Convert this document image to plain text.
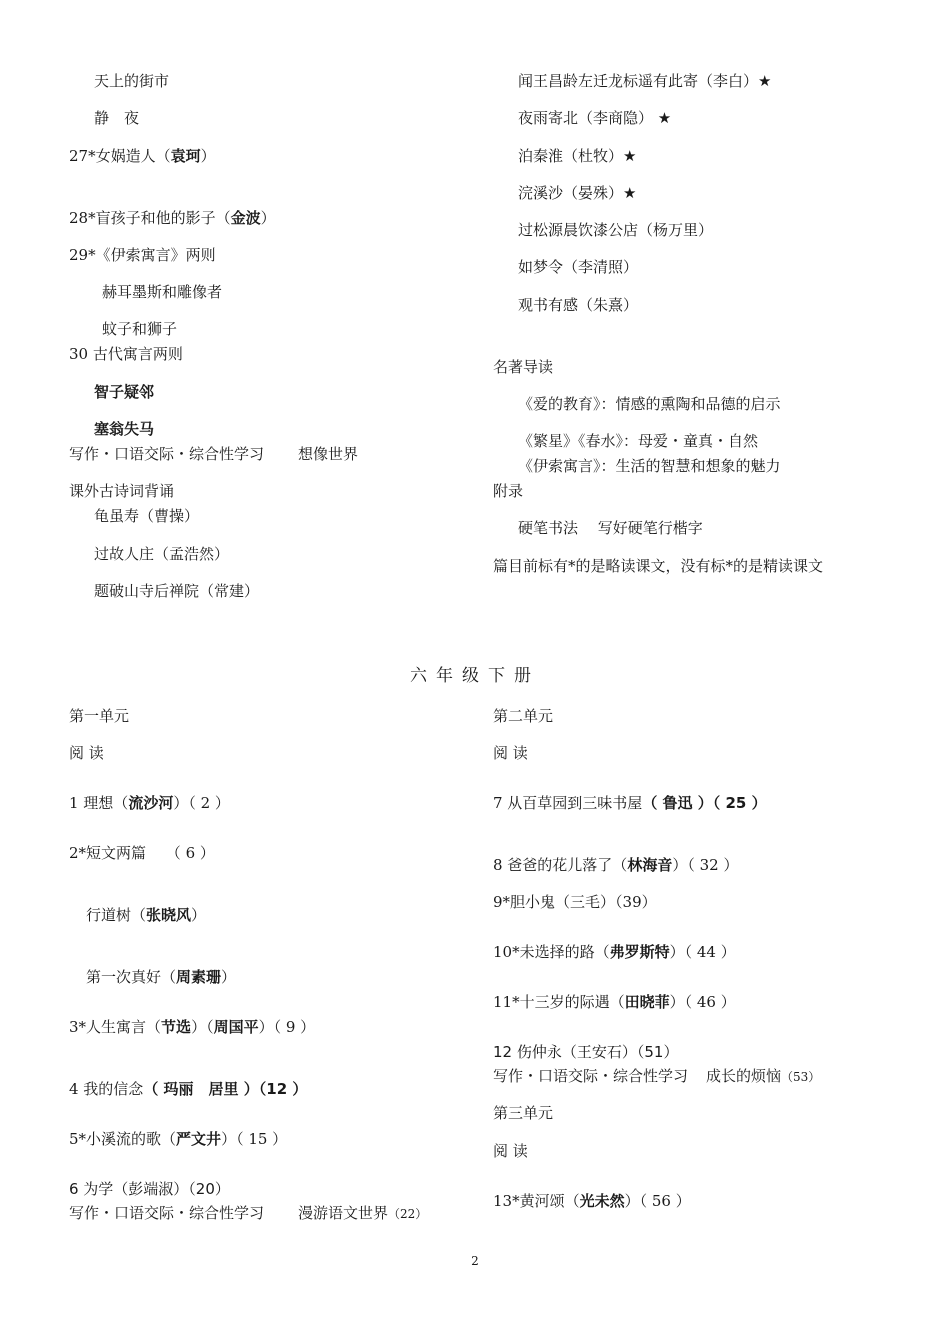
天上的街市
静　夜
27*女娲造人（袁珂）
28*盲孩子和他的影子（金波）
29*《伊索寓言》两则
赫耳墨斯和雕像者
蚊子和狮子
30 古代寓言两则
智子疑邻
塞翁失马
写作・口语交际・综合性学习 想像世界
课外古诗词背诵
龟虽寿（曹操）
过故人庄（孟浩然）
题破山寺后禅院（常建）
闻王昌龄左迁龙标遥有此寄（李白）★
夜雨寄北（李商隐） ★
泊秦淮（杜牧）★
浣溪沙（晏殊）★
过松源晨饮漆公店（杨万里）
如梦令（李清照）
观书有感（朱熹）
名著导读
《爱的教育》：情感的熏陶和品德的启示
《繁星》《春水》：母爱・童真・自然
《伊索寓言》：生活的智慧和想象的魅力
附录
硬笔书法　 写好硬笔行楷字
篇目前标有*的是略读课文，没有标*的是精读课文
六年级下册
第一单元
阅 读
1 理想（流沙河）（ 2 ）
2*短文两篇　 （ 6 ）
行道树（张晓风）
第一次真好（周素珊）
3*人生寓言（节选）（周国平）（ 9 ）
4 我的信念（ 玛丽　居里 ）（12 ）
5*小溪流的歌（严文井）（ 15 ）
6 为学（彭端淑）（20）
写作・口语交际・综合性学习 漫游语文世界（22）
第二单元
阅 读
7 从百草园到三味书屋（ 鲁迅 ）（ 25 ）
8 爸爸的花儿落了（林海音）（ 32 ）
9*胆小鬼（三毛）（39）
10*未选择的路（弗罗斯特）（ 44 ）
11*十三岁的际遇（田晓菲）（ 46 ）
12 伤仲永（王安石）（51）
写作・口语交际・综合性学习 成长的烦恼（53）
第三单元
阅 读
13*黄河颂（光未然）（ 56 ）
2
